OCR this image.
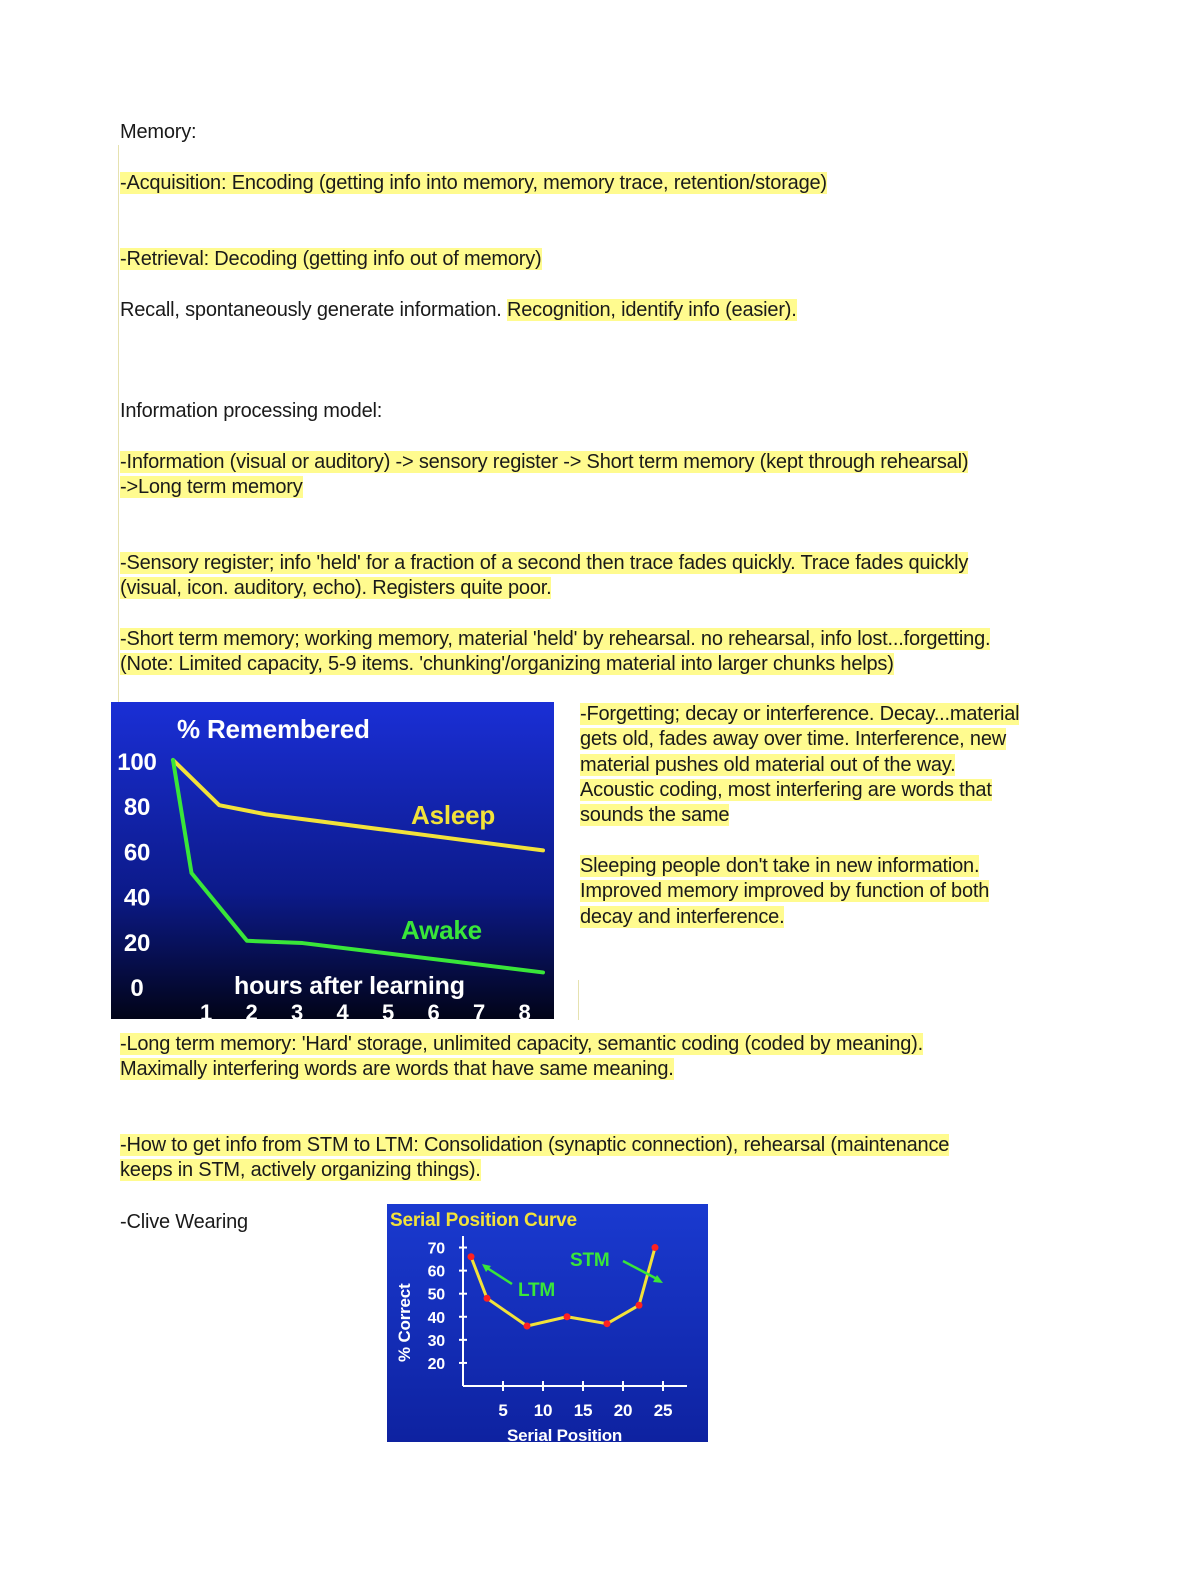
Memory:
-Acquisition: Encoding (getting info into memory, memory trace, retention/storage)
-Retrieval: Decoding (getting info out of memory)
Recall, spontaneously generate information. Recognition, identify info (easier).
Information processing model:
-Information (visual or auditory) -> sensory register -> Short term memory (kept through rehearsal)
->Long term memory
-Sensory register; info 'held' for a fraction of a second then trace fades quickly. Trace fades quickly
(visual, icon. auditory, echo). Registers quite poor.
-Short term memory; working memory, material 'held' by rehearsal. no rehearsal, info lost...forgetting.
(Note: Limited capacity, 5-9 items. 'chunking'/organizing material into larger chunks helps)
% Remembered
100
80
60
40
20
0
1 2 3 4 5 6 7 8
hours after learning
Asleep
Awake
-Forgetting; decay or interference. Decay...material
gets old, fades away over time. Interference, new
material pushes old material out of the way.
Acoustic coding, most interfering are words that
sounds the same
Sleeping people don't take in new information.
Improved memory improved by function of both
decay and interference.
-Long term memory: 'Hard' storage, unlimited capacity, semantic coding (coded by meaning).
Maximally interfering words are words that have same meaning.
-How to get info from STM to LTM: Consolidation (synaptic connection), rehearsal (maintenance
keeps in STM, actively organizing things).
-Clive Wearing	Serial Position Curve
% Correct
Serial Position
70
60
50
40
30
20
5 10 15 20 25
LTM
STM
